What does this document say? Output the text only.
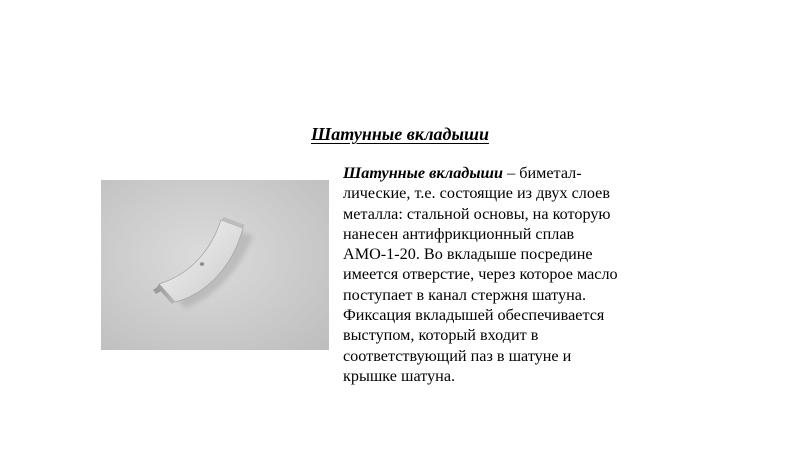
Шатунные вкладыши

Шатунные вкладыши – биметал-
лические, т.е. состоящие из двух слоев
металла: стальной основы, на которую
нанесен антифрикционный сплав
АМО-1-20. Во вкладыше посредине
имеется отверстие, через которое масло
поступает в канал стержня шатуна.
Фиксация вкладышей обеспечивается
выступом, который входит в
соответствующий паз в шатуне и
крышке шатуна.
